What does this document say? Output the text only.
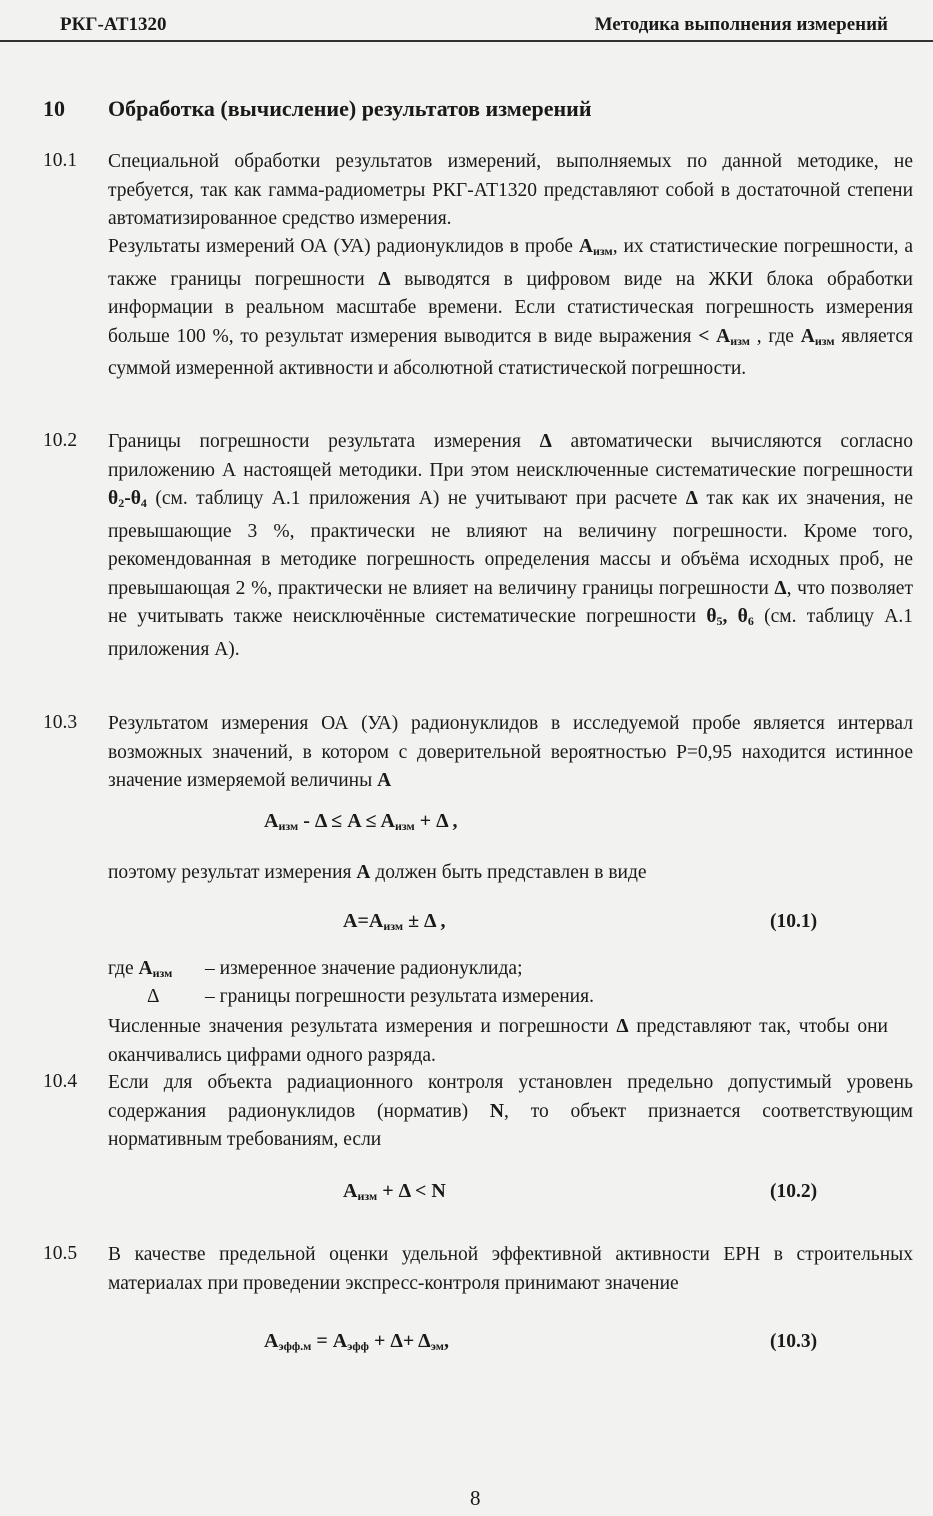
РКГ-АТ1320	Методика выполнения измерений
10 Обработка (вычисление) результатов измерений
10.1 Специальной обработки результатов измерений, выполняемых по данной методике, не требуется, так как гамма-радиометры РКГ-АТ1320 представляют собой в достаточной степени автоматизированное средство измерения.
Результаты измерений ОА (УА) радионуклидов в пробе $A_{изм}$, их статистические погрешности, а также границы погрешности Δ выводятся в цифровом виде на ЖКИ блока обработки информации в реальном масштабе времени. Если статистическая погрешность измерения больше 100 %, то результат измерения выводится в виде выражения < $A_{изм}$ , где $A_{изм}$ является суммой измеренной активности и абсолютной статистической погрешности.
10.2 Границы погрешности результата измерения Δ автоматически вычисляются согласно приложению А настоящей методики. При этом неисключенные систематические погрешности $\theta_2-\theta_4$ (см. таблицу А.1 приложения А) не учитывают при расчете Δ так как их значения, не превышающие 3 %, практически не влияют на величину погрешности. Кроме того, рекомендованная в методике погрешность определения массы и объёма исходных проб, не превышающая 2 %, практически не влияет на величину границы погрешности Δ, что позволяет не учитывать также неисключённые систематические погрешности $\theta_5$, $\theta_6$ (см. таблицу А.1 приложения А).
10.3 Результатом измерения ОА (УА) радионуклидов в исследуемой пробе является интервал возможных значений, в котором с доверительной вероятностью Р=0,95 находится истинное значение измеряемой величины A
$A_{изм} - \Delta \le A \le A_{изм} + \Delta$ ,
поэтому результат измерения A должен быть представлен в виде
$A=A_{изм} \pm \Delta$ ,	(10.1)
где $A_{изм}$ – измеренное значение радионуклида;
Δ – границы погрешности результата измерения.
Численные значения результата измерения и погрешности Δ представляют так, чтобы они оканчивались цифрами одного разряда.
10.4 Если для объекта радиационного контроля установлен предельно допустимый уровень содержания радионуклидов (норматив) N, то объект признается соответствующим нормативным требованиям, если
$A_{изм} + \Delta < N$	(10.2)
10.5 В качестве предельной оценки удельной эффективной активности ЕРН в строительных материалах при проведении экспресс-контроля принимают значение
$A_{эфф.м} = A_{эфф} + \Delta+ \Delta_{эм}$,	(10.3)
8
